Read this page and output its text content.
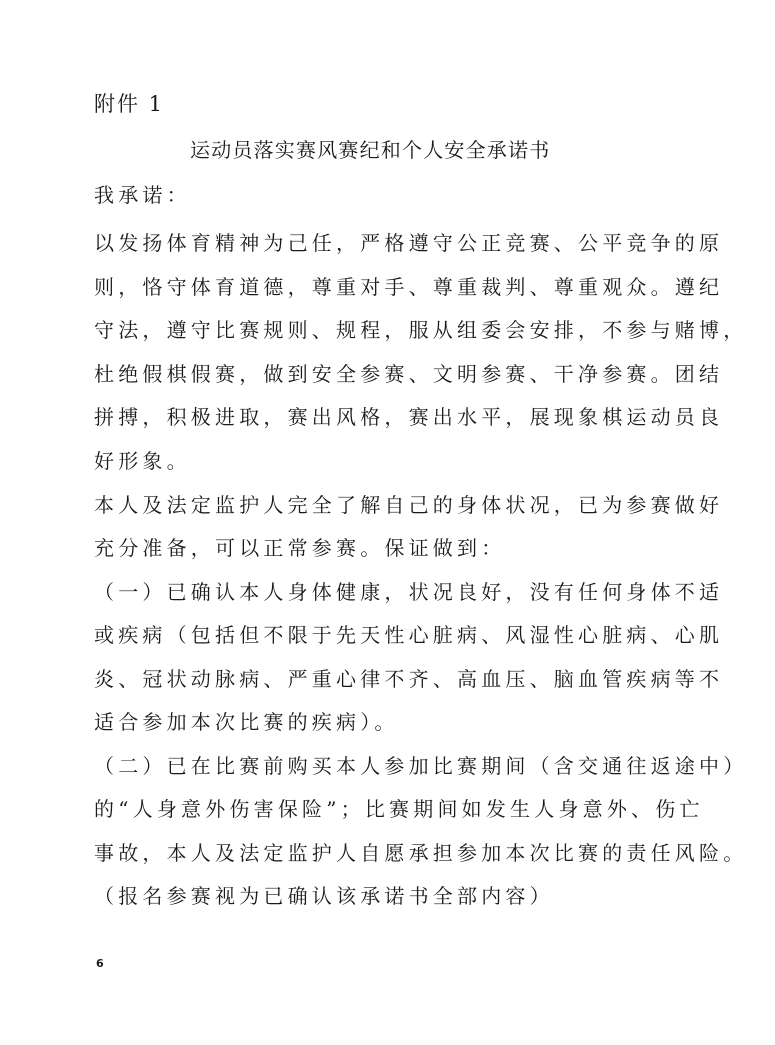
附件 1
运动员落实赛风赛纪和个人安全承诺书
我承诺：
以发扬体育精神为己任，严格遵守公正竞赛、公平竞争的原
则，恪守体育道德，尊重对手、尊重裁判、尊重观众。遵纪
守法，遵守比赛规则、规程，服从组委会安排，不参与赌博，
杜绝假棋假赛，做到安全参赛、文明参赛、干净参赛。团结
拼搏，积极进取，赛出风格，赛出水平，展现象棋运动员良
好形象。
本人及法定监护人完全了解自己的身体状况，已为参赛做好
充分准备，可以正常参赛。保证做到：
（一）已确认本人身体健康，状况良好，没有任何身体不适
或疾病（包括但不限于先天性心脏病、风湿性心脏病、心肌
炎、冠状动脉病、严重心律不齐、高血压、脑血管疾病等不
适合参加本次比赛的疾病）。
（二）已在比赛前购买本人参加比赛期间（含交通往返途中）
的“人身意外伤害保险”；比赛期间如发生人身意外、伤亡
事故，本人及法定监护人自愿承担参加本次比赛的责任风险。
（报名参赛视为已确认该承诺书全部内容）
6
